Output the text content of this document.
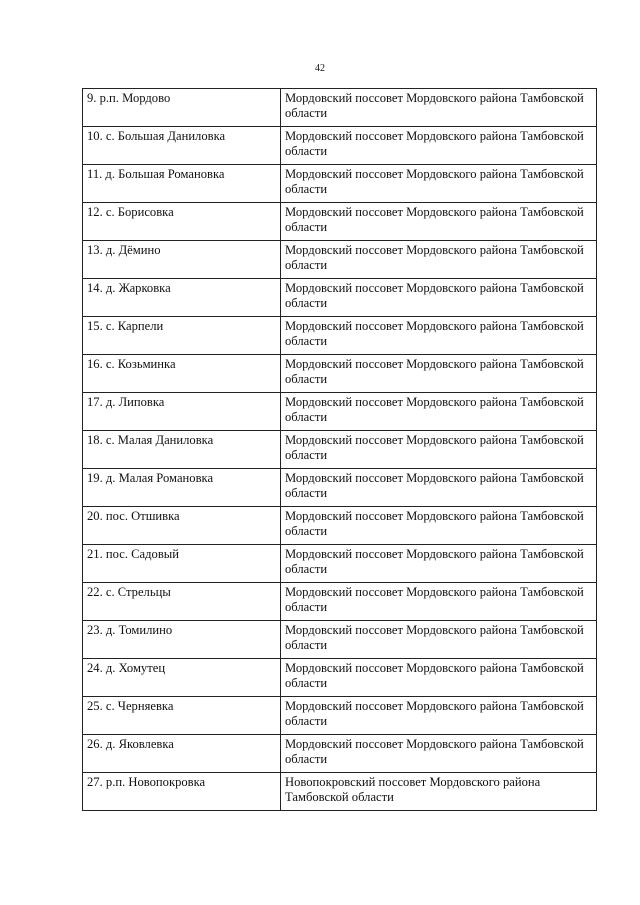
42
9. р.п. Мордово	Мордовский поссовет Мордовского района Тамбовской области
10. с. Большая Даниловка	Мордовский поссовет Мордовского района Тамбовской области
11. д. Большая Романовка	Мордовский поссовет Мордовского района Тамбовской области
12. с. Борисовка	Мордовский поссовет Мордовского района Тамбовской области
13. д. Дёмино	Мордовский поссовет Мордовского района Тамбовской области
14. д. Жарковка	Мордовский поссовет Мордовского района Тамбовской области
15. с. Карпели	Мордовский поссовет Мордовского района Тамбовской области
16. с. Козьминка	Мордовский поссовет Мордовского района Тамбовской области
17. д. Липовка	Мордовский поссовет Мордовского района Тамбовской области
18. с. Малая Даниловка	Мордовский поссовет Мордовского района Тамбовской области
19. д. Малая Романовка	Мордовский поссовет Мордовского района Тамбовской области
20. пос. Отшивка	Мордовский поссовет Мордовского района Тамбовской области
21. пос. Садовый	Мордовский поссовет Мордовского района Тамбовской области
22. с. Стрельцы	Мордовский поссовет Мордовского района Тамбовской области
23. д. Томилино	Мордовский поссовет Мордовского района Тамбовской области
24. д. Хомутец	Мордовский поссовет Мордовского района Тамбовской области
25. с. Черняевка	Мордовский поссовет Мордовского района Тамбовской области
26. д. Яковлевка	Мордовский поссовет Мордовского района Тамбовской области
27. р.п. Новопокровка	Новопокровский поссовет Мордовского района Тамбовской области
